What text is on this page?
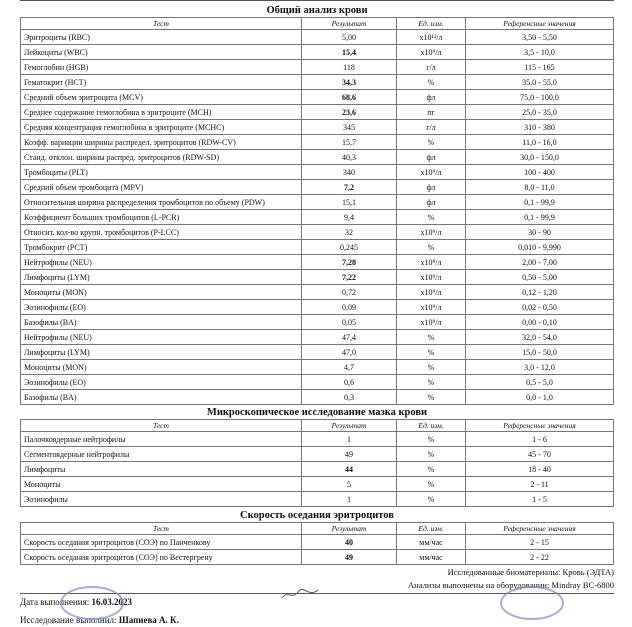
Общий анализ крови
Тест	Результат	Ед. изм.	Референсные значения
Эритроциты (RBC)	5,00	x10¹²/л	3,50 - 5,50
Лейкоциты (WBC)	15,4	x10⁹/л	3,5 - 10,0
Гемоглобин (HGB)	118	г/л	115 - 165
Гематокрит (HCT)	34,3	%	35,0 - 55,0
Средний объем эритроцита (MCV)	68,6	фл	75,0 - 100,0
Среднее содержание гемоглобина в эритроците (MCH)	23,6	пг	25,0 - 35,0
Средняя концентрация гемоглобина в эритроците (MCHC)	345	г/л	310 - 380
Коэфф. вариации ширины распредел. эритроцитов (RDW-CV)	15,7	%	11,0 - 16,0
Станд. отклон. ширины распред. эритроцитов (RDW-SD)	40,3	фл	30,0 - 150,0
Тромбоциты (PLT)	340	x10⁹/л	100 - 400
Средний объем тромбоцита (MPV)	7,2	фл	8,0 - 11,0
Относительная ширина распределения тромбоцитов по объему (PDW)	15,1	фл	0,1 - 99,9
Коэффициент больших тромбоцитов (L-PCR)	9,4	%	0,1 - 99,9
Относит. кол-во крупн. тромбоцитов (P-LCC)	32	x10⁹/л	30 - 90
Тромбокрит (PCT)	0,245	%	0,010 - 9,990
Нейтрофилы (NEU)	7,28	x10⁹/л	2,00 - 7,00
Лимфоциты (LYM)	7,22	x10⁹/л	0,50 - 5,00
Моноциты (MON)	0,72	x10⁹/л	0,12 - 1,20
Эозинофилы (EO)	0,09	x10⁹/л	0,02 - 0,50
Базофилы (BA)	0,05	x10⁹/л	0,00 - 0,10
Нейтрофилы (NEU)	47,4	%	32,0 - 54,0
Лимфоциты (LYM)	47,0	%	15,0 - 50,0
Моноциты (MON)	4,7	%	3,0 - 12,0
Эозинофилы (EO)	0,6	%	0,5 - 5,0
Базофилы (BA)	0,3	%	0,0 - 1,0
Микроскопическое исследование мазка крови
Тест	Результат	Ед. изм.	Референсные значения
Палочкоядерные нейтрофилы	1	%	1 - 6
Сегментоядерные нейтрофилы	49	%	45 - 70
Лимфоциты	44	%	18 - 40
Моноциты	5	%	2 - 11
Эозинофилы	1	%	1 - 5
Скорость оседания эритроцитов
Тест	Результат	Ед. изм.	Референсные значения
Скорость оседания эритроцитов (СОЭ) по Панченкову	40	мм/час	2 - 15
Скорость оседания эритроцитов (СОЭ) по Вестергрену	49	мм/час	2 - 22
Исследованные биоматериалы: Кровь (ЭДТА)
Анализы выполнены на оборудовании: Mindray BC-6800
Дата выполнения: 16.03.2023
Исследование выполнил: Шапиева А. К.
